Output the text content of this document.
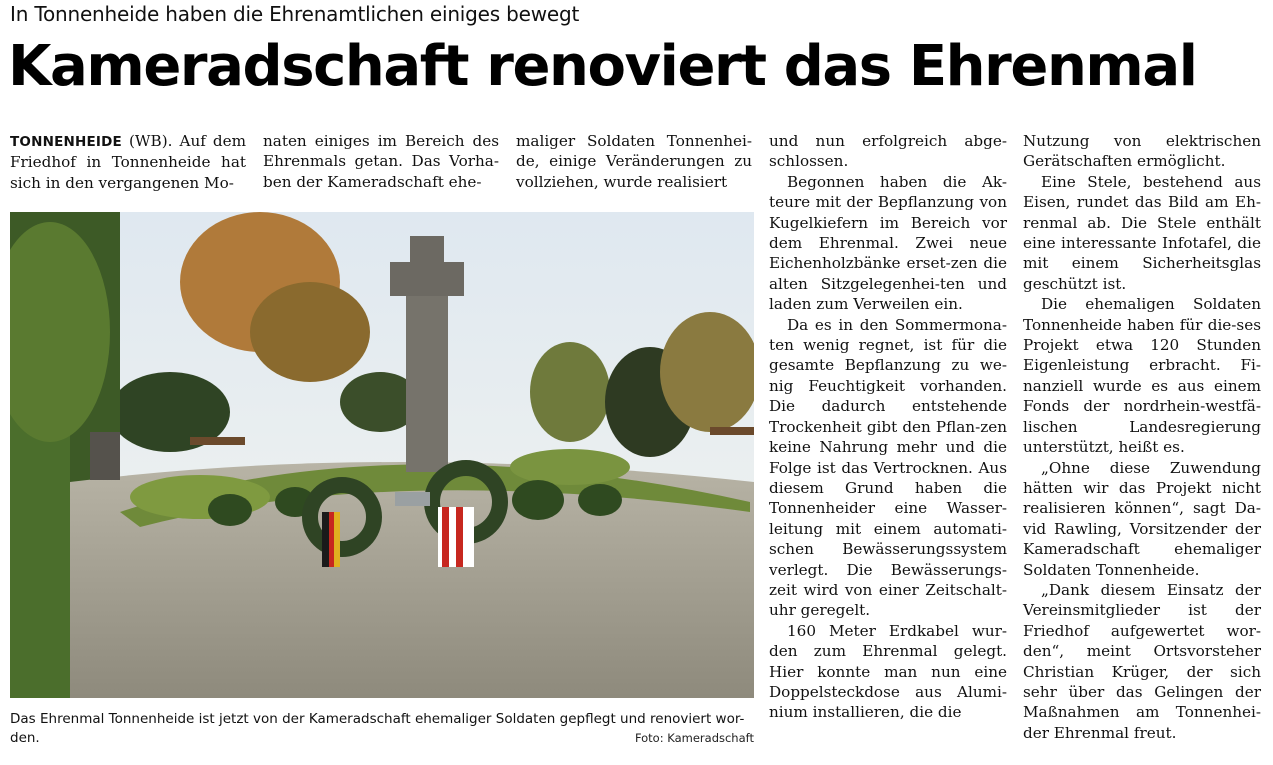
In Tonnenheide haben die Ehrenamtlichen einiges bewegt
Kameradschaft renoviert das Ehrenmal

TONNENHEIDE (WB). Auf dem Friedhof in Tonnenheide hat sich in den vergangenen Mo-

naten einiges im Bereich des Ehrenmals getan. Das Vorha-ben der Kameradschaft ehe-

maliger Soldaten Tonnenhei-de, einige Veränderungen zu vollziehen, wurde realisiert

Das Ehrenmal Tonnenheide ist jetzt von der Kameradschaft ehemaliger Soldaten gepflegt und renoviert wor-den.	Foto: Kameradschaft

und nun erfolgreich abge-schlossen.

Begonnen haben die Ak-teure mit der Bepflanzung von Kugelkiefern im Bereich vor dem Ehrenmal. Zwei neue Eichenholzbänke erset-zen die alten Sitzgelegenhei-ten und laden zum Verweilen ein.

Da es in den Sommermona-ten wenig regnet, ist für die gesamte Bepflanzung zu we-nig Feuchtigkeit vorhanden. Die dadurch entstehende Trockenheit gibt den Pflan-zen keine Nahrung mehr und die Folge ist das Vertrocknen. Aus diesem Grund haben die Tonnenheider eine Wasser-leitung mit einem automati-schen Bewässerungssystem verlegt. Die Bewässerungs-zeit wird von einer Zeitschalt-uhr geregelt.

160 Meter Erdkabel wur-den zum Ehrenmal gelegt. Hier konnte man nun eine Doppelsteckdose aus Alumi-nium installieren, die die

Nutzung von elektrischen Gerätschaften ermöglicht.

Eine Stele, bestehend aus Eisen, rundet das Bild am Eh-renmal ab. Die Stele enthält eine interessante Infotafel, die mit einem Sicherheitsglas geschützt ist.

Die ehemaligen Soldaten Tonnenheide haben für die-ses Projekt etwa 120 Stunden Eigenleistung erbracht. Fi-nanziell wurde es aus einem Fonds der nordrhein-westfä-lischen Landesregierung unterstützt, heißt es.

„Ohne diese Zuwendung hätten wir das Projekt nicht realisieren können“, sagt Da-vid Rawling, Vorsitzender der Kameradschaft ehemaliger Soldaten Tonnenheide.

„Dank diesem Einsatz der Vereinsmitglieder ist der Friedhof aufgewertet wor-den“, meint Ortsvorsteher Christian Krüger, der sich sehr über das Gelingen der Maßnahmen am Tonnenhei-der Ehrenmal freut.
